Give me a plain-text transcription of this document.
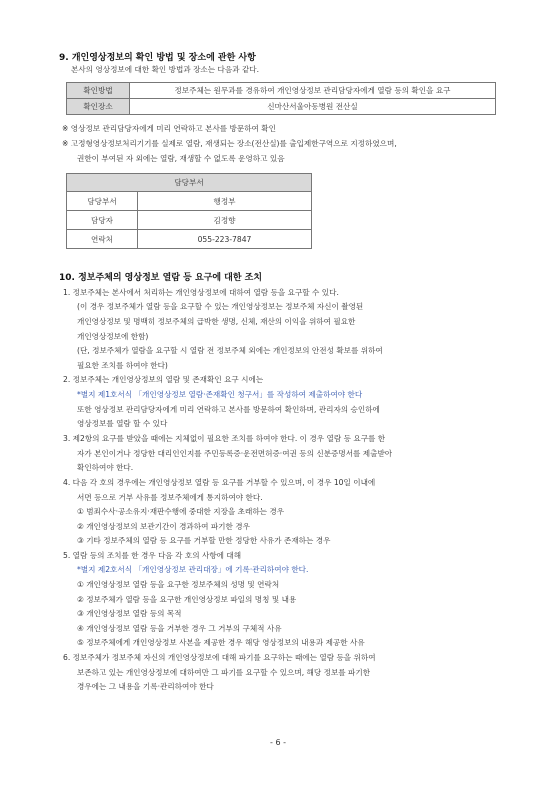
9. 개인영상정보의 확인 방법 및 장소에 관한 사항
본사의 영상정보에 대한 확인 방법과 장소는 다음과 같다.
확인방법	정보주체는 원무과를 경유하여 개인영상정보 관리담당자에게 열람 등의 확인을 요구
확인장소	신마산서울아동병원 전산실
※ 영상정보 관리담당자에게 미리 연락하고 본사를 방문하여 확인
※ 고정형영상정보처리기기를 실제로 열람, 재생되는 장소(전산실)를 출입제한구역으로 지정하였으며,
권한이 부여된 자 외에는 열람, 재생할 수 없도록 운영하고 있음
담당부서	
담당부서	행정부
담당자	김정향
연락처	055-223-7847
10. 정보주체의 영상정보 열람 등 요구에 대한 조치
1. 정보주체는 본사에서 처리하는 개인영상정보에 대하여 열람 등을 요구할 수 있다.
(이 경우 정보주체가 열람 등을 요구할 수 있는 개인영상정보는 정보주체 자신이 촬영된
개인영상정보 및 명백히 정보주체의 급박한 생명, 신체, 재산의 이익을 위하여 필요한
개인영상정보에 한함)
(단, 정보주체가 열람을 요구할 시 열람 전 정보주체 외에는 개인정보의 안전성 확보를 위하여
필요한 조치를 하여야 한다)
2. 정보주체는 개인영상정보의 열람 및 존재확인 요구 시에는
*별지 제1호서식 「개인영상정보 열람·존재확인 청구서」를 작성하여 제출하여야 한다
또한 영상정보 관리담당자에게 미리 연락하고 본사를 방문하여 확인하며, 관리자의 승인하에
영상정보를 열람 할 수 있다
3. 제2항의 요구를 받았을 때에는 지체없이 필요한 조치를 하여야 한다. 이 경우 열람 등 요구를 한
자가 본인이거나 정당한 대리인인지를 주민등록증·운전면허증·여권 등의 신분증명서를 제출받아
확인하여야 한다.
4. 다음 각 호의 경우에는 개인영상정보 열람 등 요구를 거부할 수 있으며, 이 경우 10일 이내에
서면 등으로 거부 사유를 정보주체에게 통지하여야 한다.
① 범죄수사·공소유지·재판수행에 중대한 지장을 초래하는 경우
② 개인영상정보의 보관기간이 경과하여 파기한 경우
③ 기타 정보주체의 열람 등 요구를 거부할 만한 정당한 사유가 존재하는 경우
5. 열람 등의 조치를 한 경우 다음 각 호의 사항에 대해
*별지 제2호서식 「개인영상정보 관리대장」에 기록·관리하여야 한다.
① 개인영상정보 열람 등을 요구한 정보주체의 성명 및 연락처
② 정보주체가 열람 등을 요구한 개인영상정보 파일의 명칭 및 내용
③ 개인영상정보 열람 등의 목적
④ 개인영상정보 열람 등을 거부한 경우 그 거부의 구체적 사유
⑤ 정보주체에게 개인영상정보 사본을 제공한 경우 해당 영상정보의 내용과 제공한 사유
6. 정보주체가 정보주체 자신의 개인영상정보에 대해 파기를 요구하는 때에는 열람 등을 위하여
보존하고 있는 개인영상정보에 대하여만 그 파기를 요구할 수 있으며, 해당 정보를 파기한
경우에는 그 내용을 기록·관리하여야 한다
- 6 -
